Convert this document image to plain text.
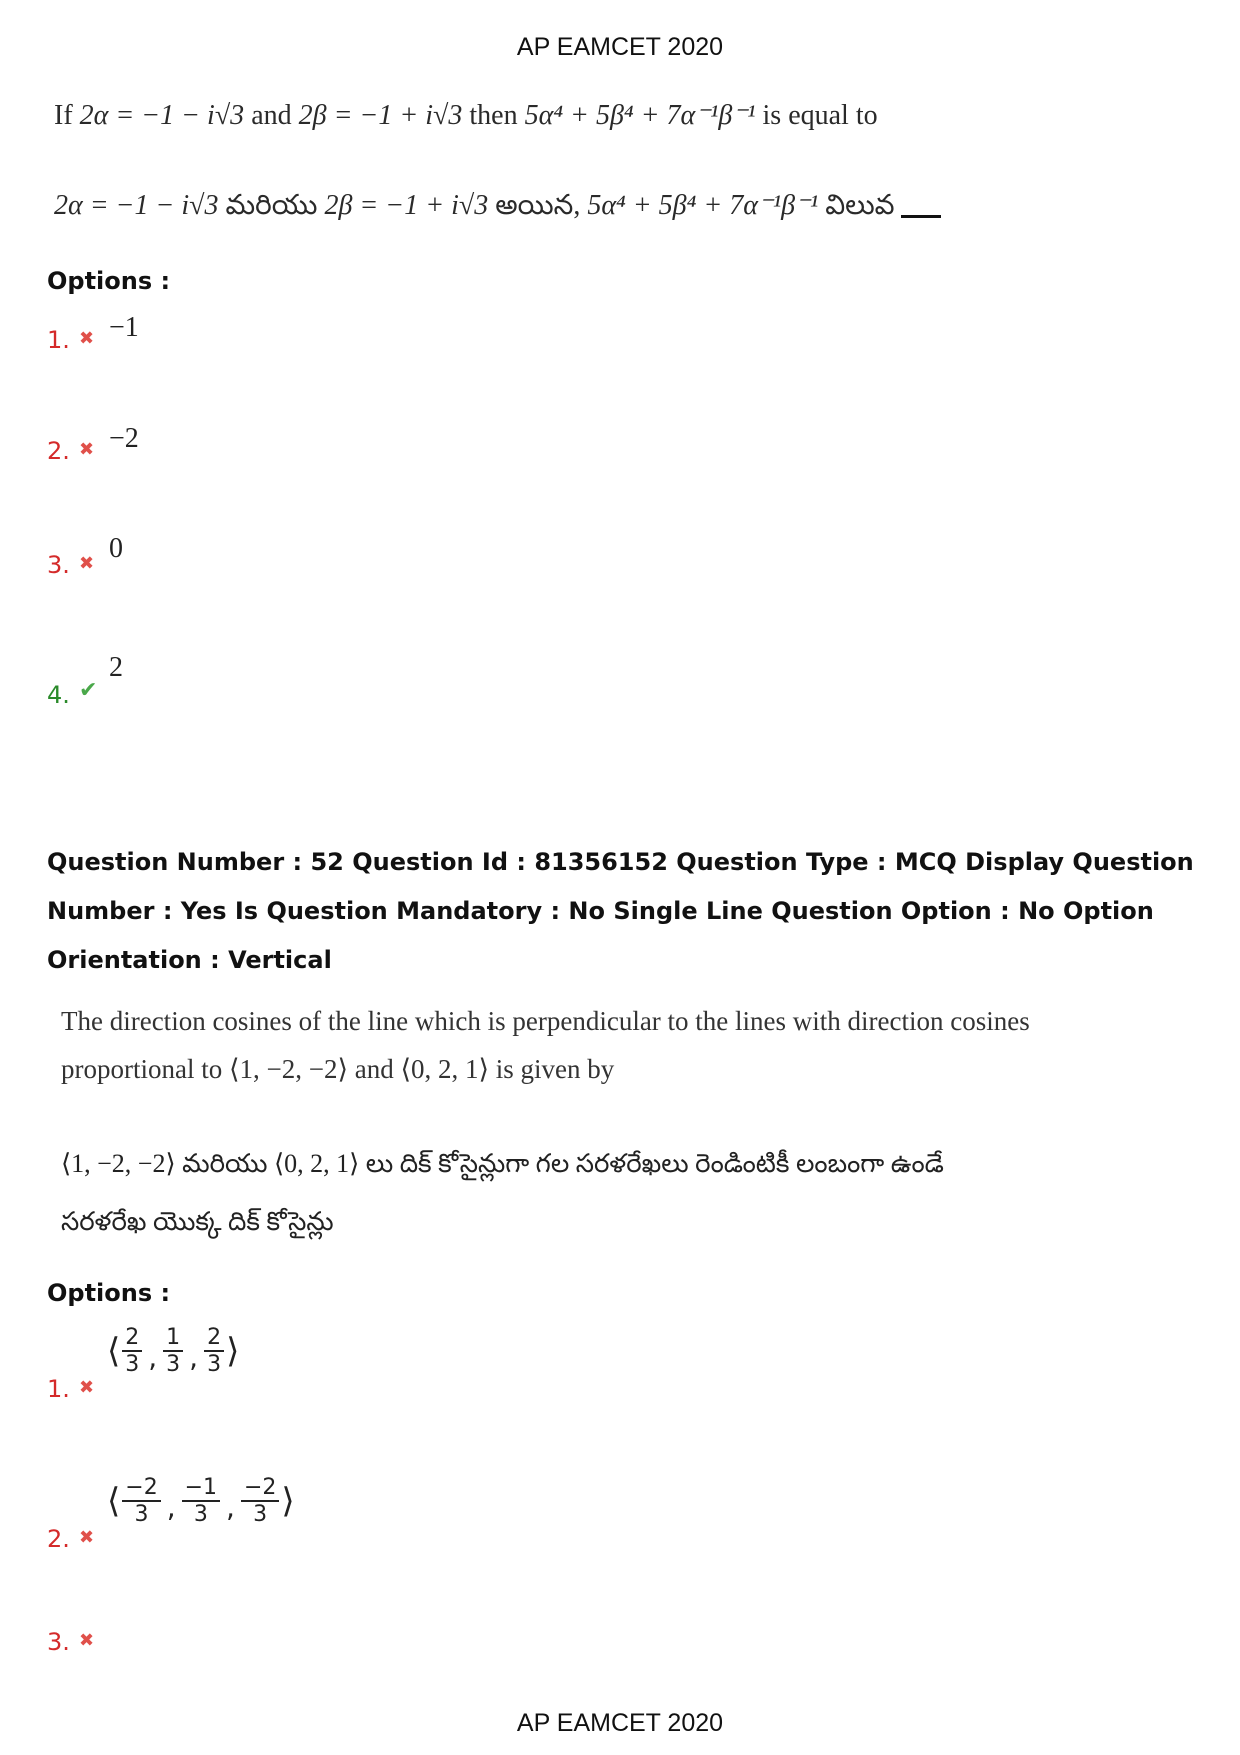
AP EAMCET 2020
If 2α = −1 − i√3 and 2β = −1 + i√3 then 5α⁴ + 5β⁴ + 7α⁻¹β⁻¹ is equal to
2α = −1 − i√3 మరియు 2β = −1 + i√3 అయిన, 5α⁴ + 5β⁴ + 7α⁻¹β⁻¹ విలువ
Options :
1. ✖ −1
2. ✖ −2
3. ✖ 0
4. ✔
2
Question Number : 52 Question Id : 81356152 Question Type : MCQ Display Question Number : Yes Is Question Mandatory : No Single Line Question Option : No Option Orientation : Vertical
The direction cosines of the line which is perpendicular to the lines with direction cosines
proportional to ⟨1, −2, −2⟩ and ⟨0, 2, 1⟩ is given by
⟨1, −2, −2⟩ మరియు ⟨0, 2, 1⟩ లు దిక్ కోసైన్లుగా గల సరళరేఖలు రెండింటికీ లంబంగా ఉండే
సరళరేఖ యొక్క దిక్ కోసైన్లు
Options :
1. ✖
⟨ $\frac{2}{3}$ , $\frac{1}{3}$ , $\frac{2}{3}$ ⟩
2. ✖
⟨ $\frac{-2}{3}$ , $\frac{-1}{3}$ , $\frac{-2}{3}$ ⟩
3. ✖
AP EAMCET 2020
